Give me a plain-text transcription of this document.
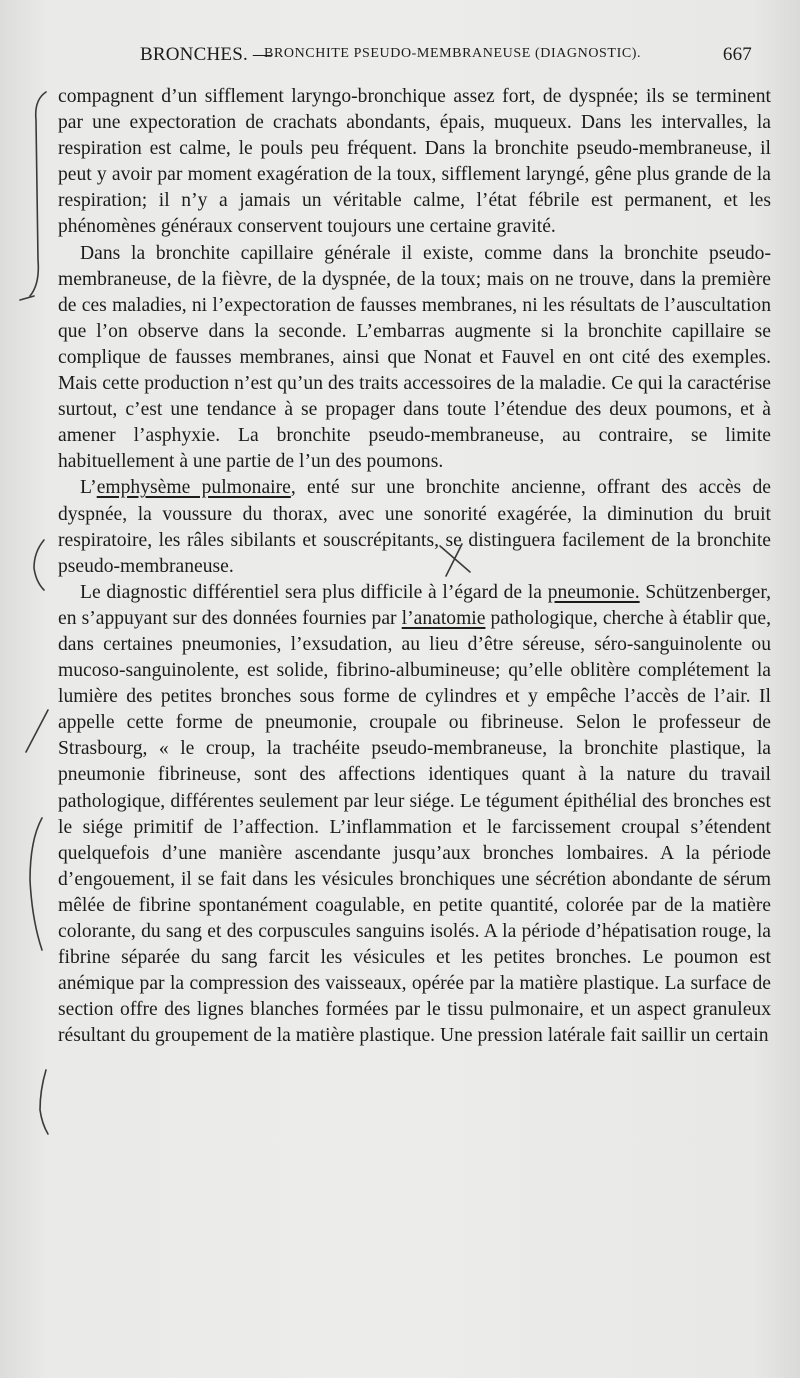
BRONCHES. —
BRONCHITE PSEUDO-MEMBRANEUSE (DIAGNOSTIC).	667

compagnent d’un sifflement laryngo-bronchique assez fort, de dyspnée; ils se terminent par une expectoration de crachats abondants, épais, muqueux. Dans les intervalles, la respiration est calme, le pouls peu fréquent. Dans la bronchite pseudo-membraneuse, il peut y avoir par moment exagération de la toux, sifflement laryngé, gêne plus grande de la respiration; il n’y a jamais un véritable calme, l’état fébrile est permanent, et les phénomènes généraux conservent toujours une certaine gravité.

Dans la bronchite capillaire générale il existe, comme dans la bronchite pseudo-membraneuse, de la fièvre, de la dyspnée, de la toux; mais on ne trouve, dans la première de ces maladies, ni l’expectoration de fausses membranes, ni les résultats de l’auscultation que l’on observe dans la seconde. L’embarras augmente si la bronchite capillaire se complique de fausses membranes, ainsi que Nonat et Fauvel en ont cité des exemples. Mais cette production n’est qu’un des traits accessoires de la maladie. Ce qui la caractérise surtout, c’est une tendance à se propager dans toute l’étendue des deux poumons, et à amener l’asphyxie. La bronchite pseudo-membraneuse, au contraire, se limite habituellement à une partie de l’un des poumons.

L’emphysème pulmonaire, enté sur une bronchite ancienne, offrant des accès de dyspnée, la voussure du thorax, avec une sonorité exagérée, la diminution du bruit respiratoire, les râles sibilants et souscrépitants, se distinguera facilement de la bronchite pseudo-membraneuse.

Le diagnostic différentiel sera plus difficile à l’égard de la pneumonie. Schützenberger, en s’appuyant sur des données fournies par l’anatomie pathologique, cherche à établir que, dans certaines pneumonies, l’exsudation, au lieu d’être séreuse, séro-sanguinolente ou mucoso-sanguinolente, est solide, fibrino-albumineuse; qu’elle oblitère complétement la lumière des petites bronches sous forme de cylindres et y empêche l’accès de l’air. Il appelle cette forme de pneumonie, croupale ou fibrineuse. Selon le professeur de Strasbourg, « le croup, la trachéite pseudo-membraneuse, la bronchite plastique, la pneumonie fibrineuse, sont des affections identiques quant à la nature du travail pathologique, différentes seulement par leur siége. Le tégument épithélial des bronches est le siége primitif de l’affection. L’inflammation et le farcissement croupal s’étendent quelquefois d’une manière ascendante jusqu’aux bronches lombaires. A la période d’engouement, il se fait dans les vésicules bronchiques une sécrétion abondante de sérum mêlée de fibrine spontanément coagulable, en petite quantité, colorée par de la matière colorante, du sang et des corpuscules sanguins isolés. A la période d’hépatisation rouge, la fibrine séparée du sang farcit les vésicules et les petites bronches. Le poumon est anémique par la compression des vaisseaux, opérée par la matière plastique. La surface de section offre des lignes blanches formées par le tissu pulmonaire, et un aspect granuleux résultant du groupement de la matière plastique. Une pression latérale fait saillir un certain
